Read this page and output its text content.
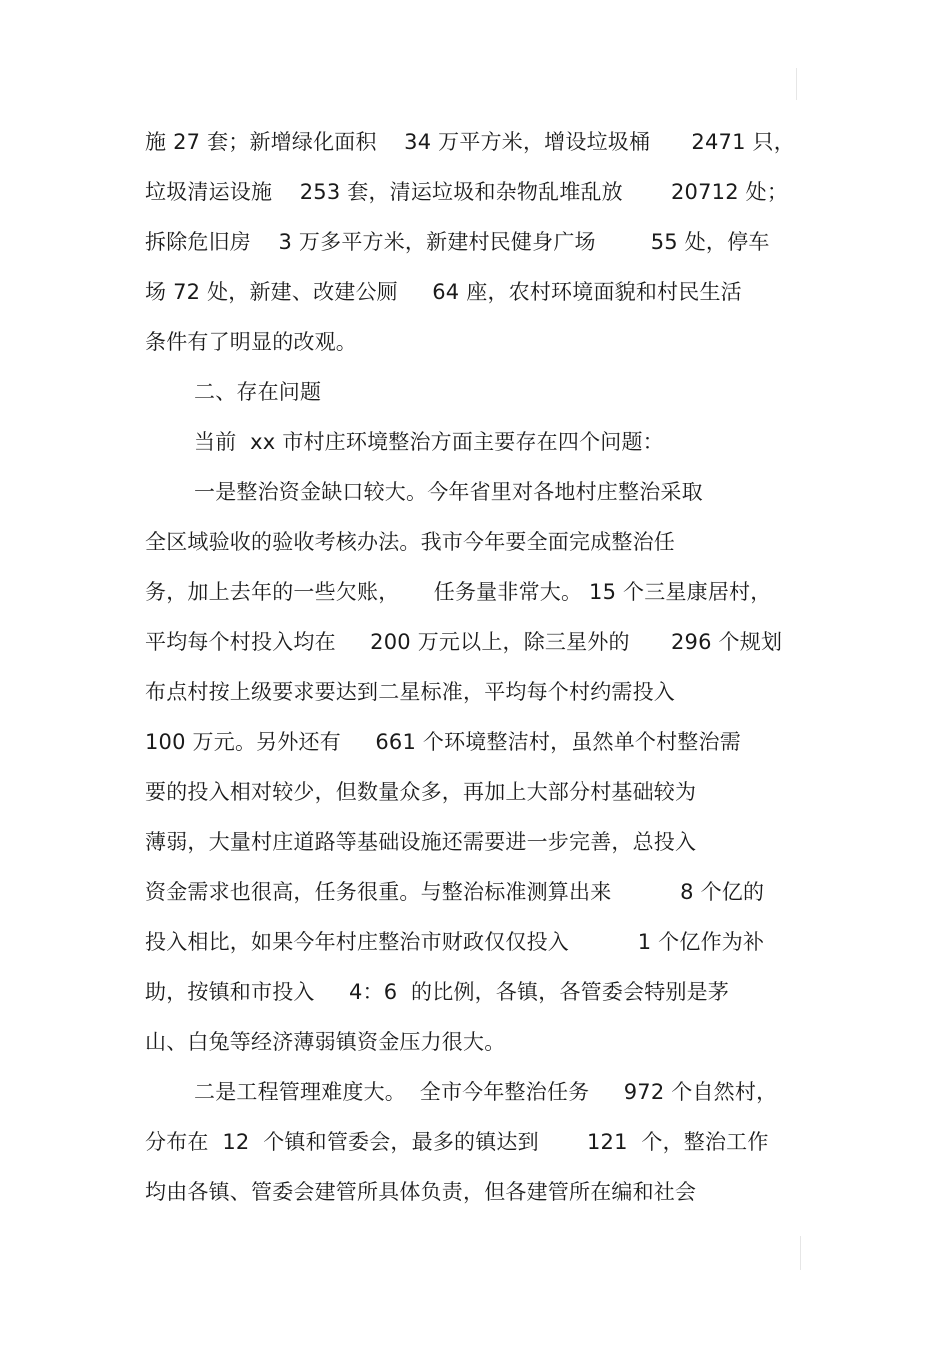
施 27 套；新增绿化面积    34 万平方米，增设垃圾桶      2471 只，
垃圾清运设施    253 套，清运垃圾和杂物乱堆乱放       20712 处；
拆除危旧房    3 万多平方米，新建村民健身广场        55 处，停车
场 72 处，新建、改建公厕     64 座，农村环境面貌和村民生活
条件有了明显的改观。
二、存在问题
当前  xx 市村庄环境整治方面主要存在四个问题：
一是整治资金缺口较大。今年省里对各地村庄整治采取
全区域验收的验收考核办法。我市今年要全面完成整治任
务，加上去年的一些欠账，     任务量非常大。 15 个三星康居村，
平均每个村投入均在     200 万元以上，除三星外的      296 个规划
布点村按上级要求要达到二星标准，平均每个村约需投入
100 万元。另外还有     661 个环境整洁村，虽然单个村整治需
要的投入相对较少，但数量众多，再加上大部分村基础较为
薄弱，大量村庄道路等基础设施还需要进一步完善，总投入
资金需求也很高，任务很重。与整治标准测算出来          8 个亿的
投入相比，如果今年村庄整治市财政仅仅投入          1 个亿作为补
助，按镇和市投入     4：6  的比例，各镇，各管委会特别是茅
山、白兔等经济薄弱镇资金压力很大。
二是工程管理难度大。  全市今年整治任务     972 个自然村，
分布在  12  个镇和管委会，最多的镇达到       121  个，整治工作
均由各镇、管委会建管所具体负责，但各建管所在编和社会
